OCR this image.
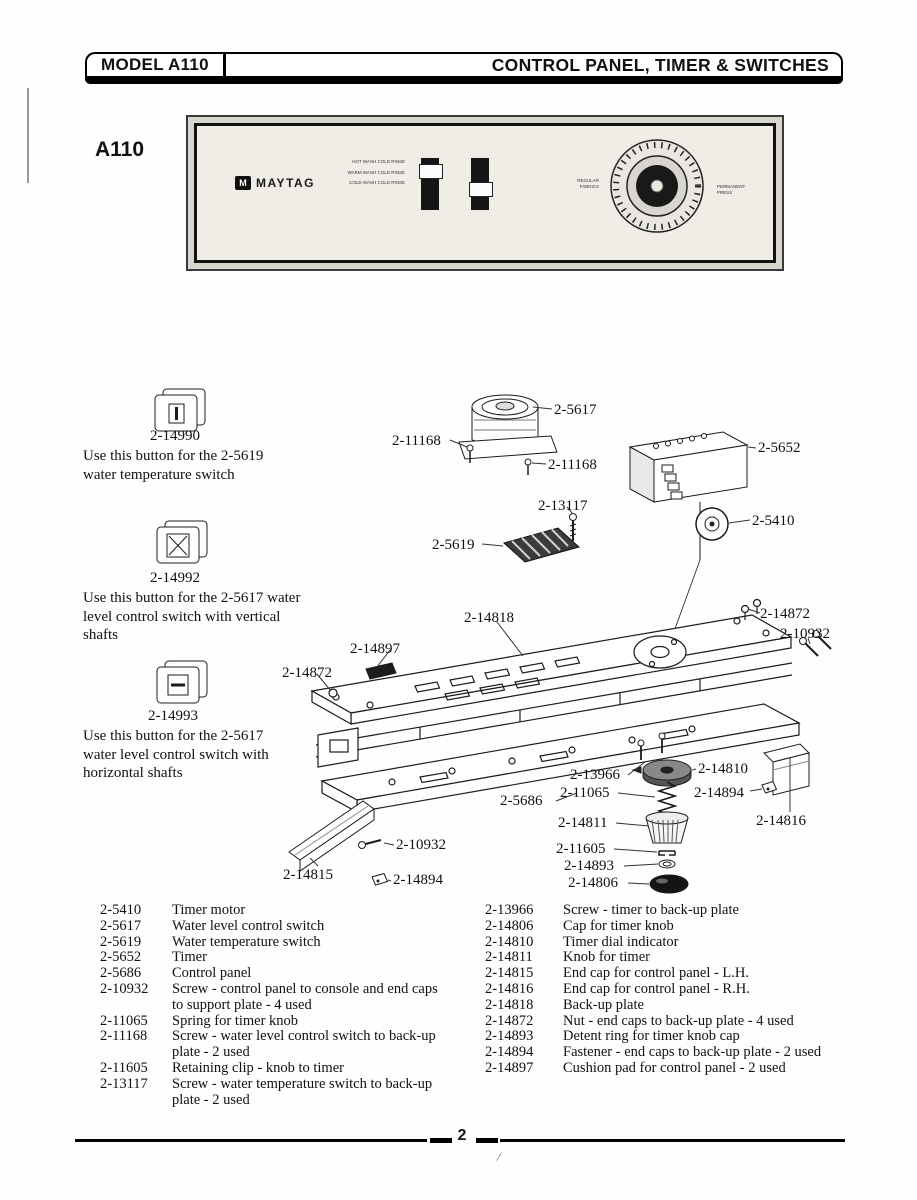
MODEL A110	CONTROL PANEL, TIMER & SWITCHES
A110
M MAYTAG
HOT WASH COLD RINSE
WARM WASH COLD RINSE
COLD WASH COLD RINSE	REGULAR FABRICS	PERMANENT PRESS
2-5617
2-11168
2-11168
2-5652
2-13117
2-5619
2-5410
2-14818	2-14872
2-10932
2-14897
2-14872
2-13966	2-14810
2-11065	2-14894
2-5686
2-14811	2-14816
2-11605
2-14893
2-14806
2-10932
2-14815	2-14894
2-14990
Use this button for the 2-5619 water temperature switch
2-14992
Use this button for the 2-5617 water level control switch with vertical shafts
2-14993
Use this button for the 2-5617 water level control switch with horizontal shafts
2-5410	Timer motor
2-5617	Water level control switch
2-5619	Water temperature switch
2-5652	Timer
2-5686	Control panel
2-10932	Screw - control panel to console and end caps to support plate - 4 used
2-11065	Spring for timer knob
2-11168	Screw - water level control switch to back-up plate - 2 used
2-11605	Retaining clip - knob to timer
2-13117	Screw - water temperature switch to back-up plate - 2 used
2-13966	Screw - timer to back-up plate
2-14806	Cap for timer knob
2-14810	Timer dial indicator
2-14811	Knob for timer
2-14815	End cap for control panel - L.H.
2-14816	End cap for control panel - R.H.
2-14818	Back-up plate
2-14872	Nut - end caps to back-up plate - 4 used
2-14893	Detent ring for timer knob cap
2-14894	Fastener - end caps to back-up plate - 2 used
2-14897	Cushion pad for control panel - 2 used
2
/
